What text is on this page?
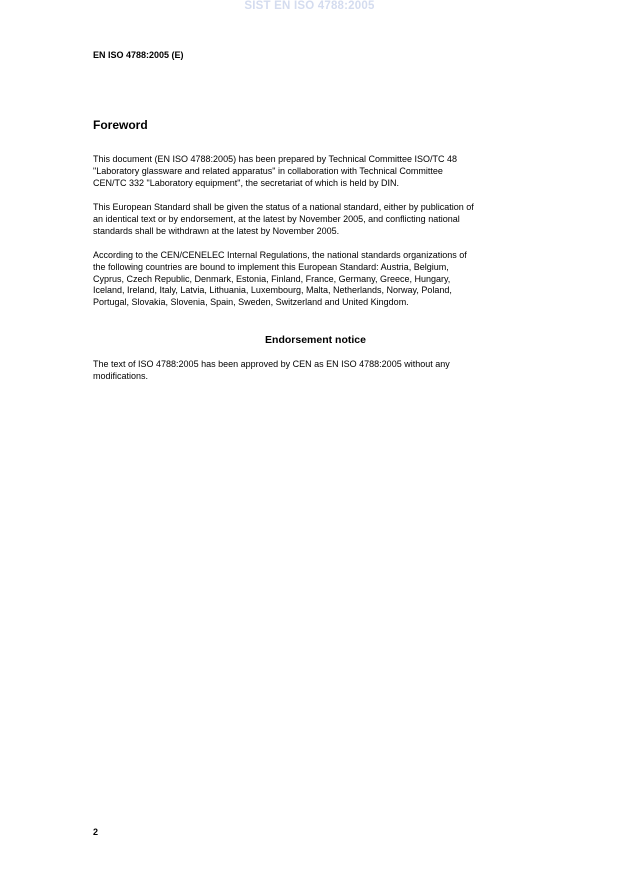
SIST EN ISO 4788:2005
EN ISO 4788:2005 (E)
Foreword

This document (EN ISO 4788:2005) has been prepared by Technical Committee ISO/TC 48
"Laboratory glassware and related apparatus" in collaboration with Technical Committee
CEN/TC 332 "Laboratory equipment", the secretariat of which is held by DIN.

This European Standard shall be given the status of a national standard, either by publication of
an identical text or by endorsement, at the latest by November 2005, and conflicting national
standards shall be withdrawn at the latest by November 2005.

According to the CEN/CENELEC Internal Regulations, the national standards organizations of
the following countries are bound to implement this European Standard: Austria, Belgium,
Cyprus, Czech Republic, Denmark, Estonia, Finland, France, Germany, Greece, Hungary,
Iceland, Ireland, Italy, Latvia, Lithuania, Luxembourg, Malta, Netherlands, Norway, Poland,
Portugal, Slovakia, Slovenia, Spain, Sweden, Switzerland and United Kingdom.

Endorsement notice

The text of ISO 4788:2005 has been approved by CEN as EN ISO 4788:2005 without any
modifications.

2
